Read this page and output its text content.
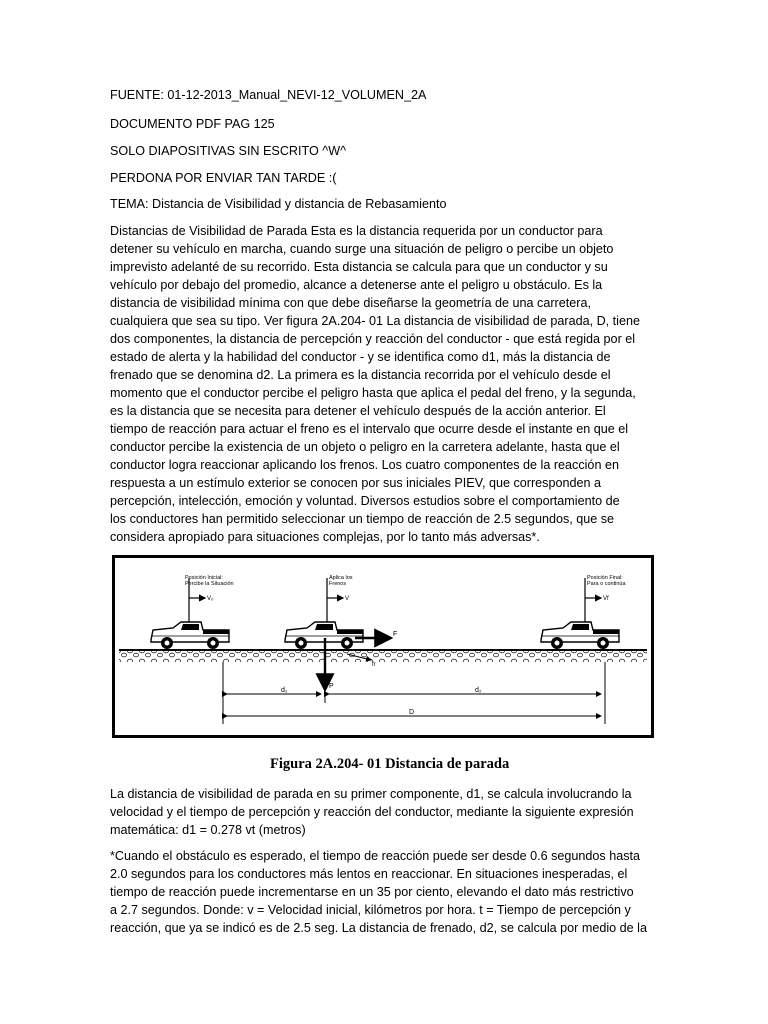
FUENTE: 01-12-2013_Manual_NEVI-12_VOLUMEN_2A
DOCUMENTO PDF PAG 125
SOLO DIAPOSITIVAS SIN ESCRITO ^W^
PERDONA POR ENVIAR TAN TARDE :(
TEMA: Distancia de Visibilidad y distancia de Rebasamiento
Distancias de Visibilidad de Parada Esta es la distancia requerida por un conductor para
detener su vehículo en marcha, cuando surge una situación de peligro o percibe un objeto
imprevisto adelanté de su recorrido. Esta distancia se calcula para que un conductor y su
vehículo por debajo del promedio, alcance a detenerse ante el peligro u obstáculo. Es la
distancia de visibilidad mínima con que debe diseñarse la geometría de una carretera,
cualquiera que sea su tipo. Ver figura 2A.204- 01 La distancia de visibilidad de parada, D, tiene
dos componentes, la distancia de percepción y reacción del conductor - que está regida por el
estado de alerta y la habilidad del conductor - y se identifica como d1, más la distancia de
frenado que se denomina d2. La primera es la distancia recorrida por el vehículo desde el
momento que el conductor percibe el peligro hasta que aplica el pedal del freno, y la segunda,
es la distancia que se necesita para detener el vehículo después de la acción anterior. El
tiempo de reacción para actuar el freno es el intervalo que ocurre desde el instante en que el
conductor percibe la existencia de un objeto o peligro en la carretera adelante, hasta que el
conductor logra reaccionar aplicando los frenos. Los cuatro componentes de la reacción en
respuesta a un estímulo exterior se conocen por sus iniciales PIEV, que corresponden a
percepción, intelección, emoción y voluntad. Diversos estudios sobre el comportamiento de
los conductores han permitido seleccionar un tiempo de reacción de 2.5 segundos, que se
considera apropiado para situaciones complejas, por lo tanto más adversas*.
V₀
Posición Inicial:
Percibe la Situación
V
Aplica los
Frenos
Vf
Posición Final:
Para o continúa
F
P
fr
d₁	d₂
D
Figura 2A.204- 01 Distancia de parada
La distancia de visibilidad de parada en su primer componente, d1, se calcula involucrando la
velocidad y el tiempo de percepción y reacción del conductor, mediante la siguiente expresión
matemática: d1 = 0.278 vt (metros)
*Cuando el obstáculo es esperado, el tiempo de reacción puede ser desde 0.6 segundos hasta
2.0 segundos para los conductores más lentos en reaccionar. En situaciones inesperadas, el
tiempo de reacción puede incrementarse en un 35 por ciento, elevando el dato más restrictivo
a 2.7 segundos. Donde: v = Velocidad inicial, kilómetros por hora. t = Tiempo de percepción y
reacción, que ya se indicó es de 2.5 seg. La distancia de frenado, d2, se calcula por medio de la
